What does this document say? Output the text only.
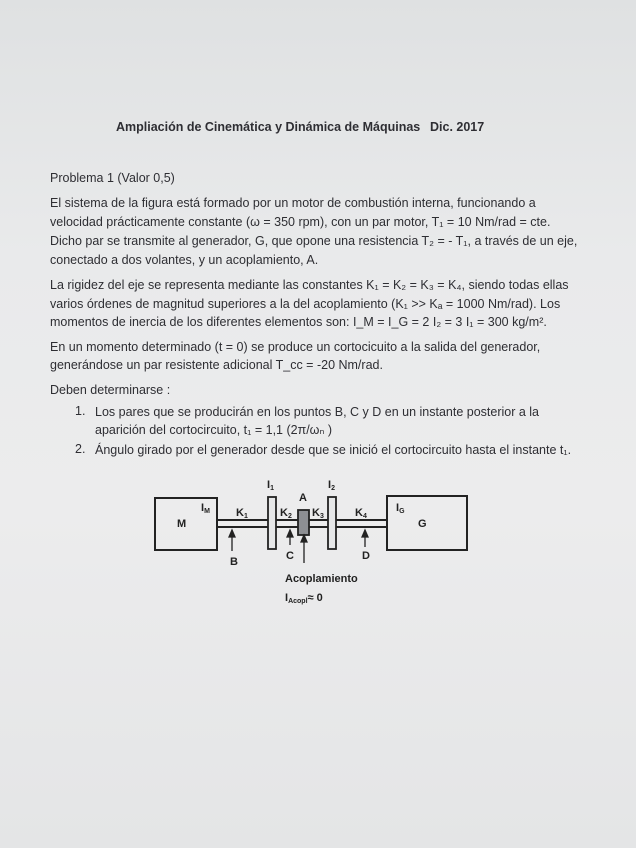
Ampliación de Cinemática y Dinámica de Máquinas Dic. 2017
Problema 1 (Valor 0,5)
El sistema de la figura está formado por un motor de combustión interna, funcionando a
velocidad prácticamente constante (ω = 350 rpm), con un par motor, T₁ = 10 Nm/rad = cte.
Dicho par se transmite al generador, G, que opone una resistencia T₂ = - T₁, a través de un eje,
conectado a dos volantes, y un acoplamiento, A.
La rigidez del eje se representa mediante las constantes K₁ = K₂ = K₃ = K₄, siendo todas ellas
varios órdenes de magnitud superiores a la del acoplamiento (K₁ >> Kₐ = 1000 Nm/rad). Los
momentos de inercia de los diferentes elementos son: I_M = I_G = 2 I₂ = 3 I₁ = 300 kg/m².
En un momento determinado (t = 0) se produce un cortocicuito a la salida del generador,
generándose un par resistente adicional T_cc = -20 Nm/rad.
Deben determinarse :
1. Los pares que se producirán en los puntos B, C y D en un instante posterior a la
aparición del cortocircuito, t₁ = 1,1 (2π/ωₙ )
2. Ángulo girado por el generador desde que se inició el cortocircuito hasta el instante t₁.
M
IM K1
I1
K2
A
K3
I2
K4
IG
G
B	C	D
Acoplamiento
IAcopl≈ 0
